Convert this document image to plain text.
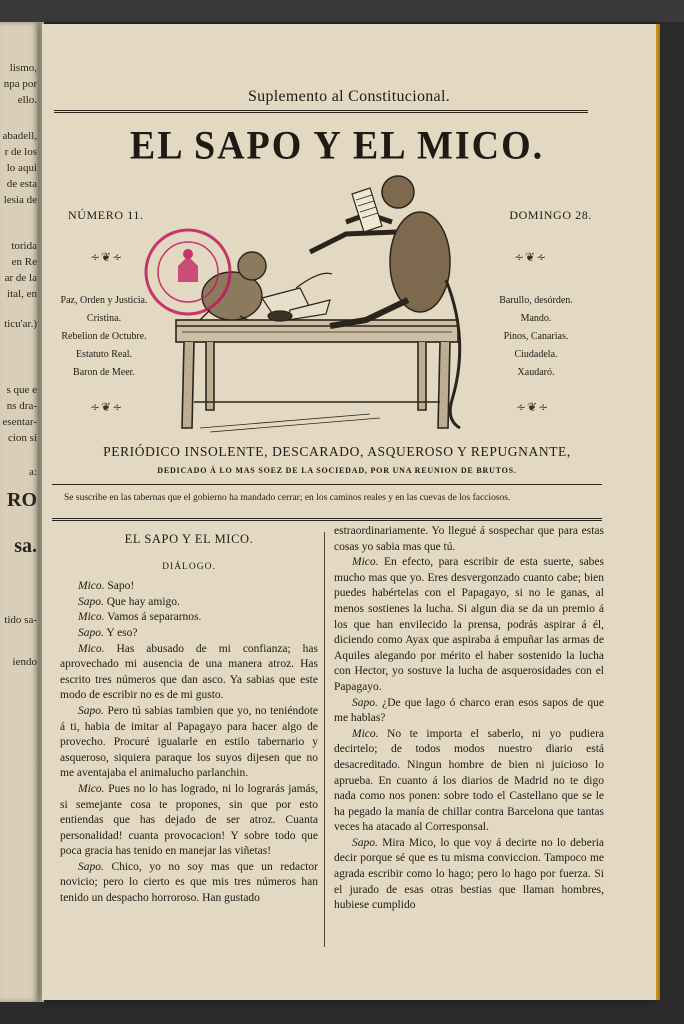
lismo,
npa por
ello.
abadell,
r de los
lo aqui
de esta
lesia de
torida
en Re
ar de la
ital, en
ticu'ar.)
s que e
ns dra-
esentar-
cion si
a:
RO
sa.
tido sa-
iendo
Suplemento al Constitucional.
EL SAPO Y EL MICO.
NÚMERO 11.	DOMINGO 28.
∻❦∻	∻❦∻
∻❦∻	∻❦∻
Paz, Orden y Justicia.
Cristina.
Rebelion de Octubre.
Estatuto Real.
Baron de Meer.
Barullo, desórden.
Mando.
Pinos, Canarias.
Ciudadela.
Xaudaró.
PERIÓDICO INSOLENTE, DESCARADO, ASQUEROSO Y REPUGNANTE,
DEDICADO Á LO MAS SOEZ DE LA SOCIEDAD, POR UNA REUNION DE BRUTOS.
Se suscribe en las tabernas que el gobierno ha mandado cerrar; en los caminos reales y en las cuevas de los facciosos.

EL SAPO Y EL MICO.

DIÁLOGO.

Mico. Sapo!

Sapo. Que hay amigo.

Mico. Vamos á separarnos.

Sapo. Y eso?

Mico. Has abusado de mi confianza; has aprovechado mi ausencia de una manera atroz. Has escrito tres números que dan asco. Ya sabias que este modo de escribir no es de mi gusto.

Sapo. Pero tú sabias tambien que yo, no teniéndote á ti, habia de imitar al Papagayo para hacer algo de provecho. Procuré igualarle en estilo tabernario y asqueroso, siquiera paraque los suyos dijesen que no me aventajaba el animalucho parlanchin.

Mico. Pues no lo has logrado, ni lo lograrás jamás, si semejante cosa te propones, sin que por esto entiendas que has dejado de ser atroz. Cuanta personalidad! cuanta provocacion! Y sobre todo que poca gracia has tenido en manejar las viñetas!

Sapo. Chico, yo no soy mas que un redactor novicio; pero lo cierto es que mis tres números han tenido un despacho horroroso. Han gustado

estraordinariamente. Yo llegué á sospechar que para estas cosas yo sabia mas que tú.

Mico. En efecto, para escribir de esta suerte, sabes mucho mas que yo. Eres desvergonzado cuanto cabe; bien puedes habértelas con el Papagayo, si no le ganas, al menos sostienes la lucha. Si algun dia se da un premio á los que han envilecido la prensa, podrás aspirar á él, diciendo como Ayax que aspiraba á empuñar las armas de Aquiles alegando por mérito el haber sostenido la lucha con Hector, yo sostuve la lucha de asquerosidades con el Papagayo.

Sapo. ¿De que lago ó charco eran esos sapos de que me hablas?

Mico. No te importa el saberlo, ni yo pudiera decirtelo; de todos modos nuestro diario está desacreditado. Ningun hombre de bien ni juicioso lo aprueba. En cuanto á los diarios de Madrid no te digo nada como nos ponen: sobre todo el Castellano que se le ha pegado la manía de chillar contra Barcelona que tantas veces ha atacado al Corresponsal.

Sapo. Mira Mico, lo que voy á decirte no lo deberia decir porque sé que es tu misma conviccion. Tampoco me agrada escribir como lo hago; pero lo hago por fuerza. Si el jurado de esas otras bestias que llaman hombres, hubiese cumplido
